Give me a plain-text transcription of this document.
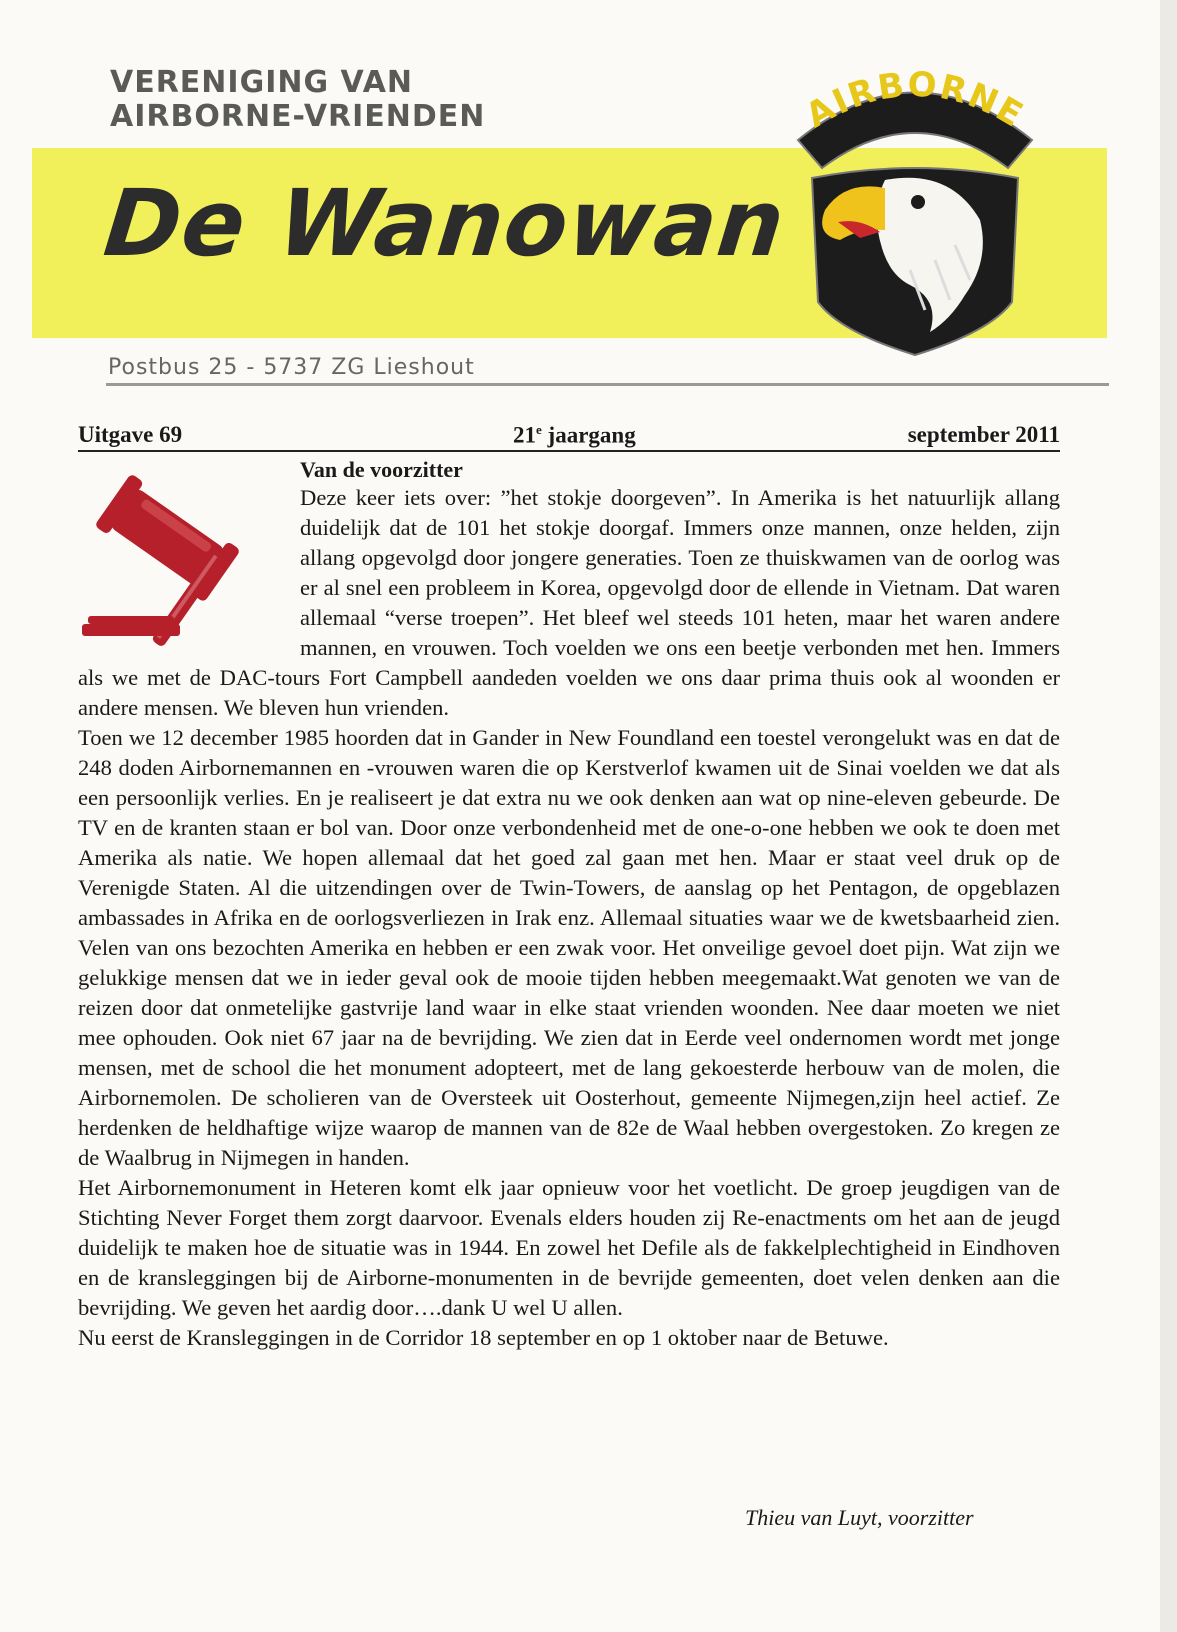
VERENIGING VAN
AIRBORNE-VRIENDEN
De Wanowan
AIRBORNE
Postbus 25 - 5737 ZG Lieshout
Uitgave 69	21e jaargang	september 2011
Van de voorzitter

Deze keer iets over: ”het stokje doorgeven”. In Amerika is het natuurlijk allang duidelijk dat de 101 het stokje doorgaf. Immers onze mannen, onze helden, zijn allang opgevolgd door jongere generaties. Toen ze thuiskwamen van de oorlog was er al snel een probleem in Korea, opgevolgd door de ellende in Vietnam. Dat waren allemaal “verse troepen”. Het bleef wel steeds 101 heten, maar het waren andere mannen, en vrouwen. Toch voelden we ons een beetje verbonden met hen. Immers als we met de DAC-tours Fort Campbell aandeden voelden we ons daar prima thuis ook al woonden er andere mensen. We bleven hun vrienden.

Toen we 12 december 1985 hoorden dat in Gander in New Foundland een toestel verongelukt was en dat de 248 doden Airbornemannen en -vrouwen waren die op Kerstverlof kwamen uit de Sinai voelden we dat als een persoonlijk verlies. En je realiseert je dat extra nu we ook denken aan wat op nine-eleven gebeurde. De TV en de kranten staan er bol van. Door onze verbondenheid met de one-o-one hebben we ook te doen met Amerika als natie. We hopen allemaal dat het goed zal gaan met hen. Maar er staat veel druk op de Verenigde Staten. Al die uitzendingen over de Twin-Towers, de aanslag op het Pentagon, de opgeblazen ambassades in Afrika en de oorlogsverliezen in Irak enz. Allemaal situaties waar we de kwetsbaarheid zien. Velen van ons bezochten Amerika en hebben er een zwak voor. Het onveilige gevoel doet pijn. Wat zijn we gelukkige mensen dat we in ieder geval ook de mooie tijden hebben meegemaakt.Wat genoten we van de reizen door dat onmetelijke gastvrije land waar in elke staat vrienden woonden. Nee daar moeten we niet mee ophouden. Ook niet 67 jaar na de bevrijding. We zien dat in Eerde veel ondernomen wordt met jonge mensen, met de school die het monument adopteert, met de lang gekoesterde herbouw van de molen, die Airbornemolen. De scholieren van de Oversteek uit Oosterhout, gemeente Nijmegen,zijn heel actief. Ze herdenken de heldhaftige wijze waarop de mannen van de 82e de Waal hebben overgestoken. Zo kregen ze de Waalbrug in Nijmegen in handen.

Het Airbornemonument in Heteren komt elk jaar opnieuw voor het voetlicht. De groep jeugdigen van de Stichting Never Forget them zorgt daarvoor. Evenals elders houden zij Re-enactments om het aan de jeugd duidelijk te maken hoe de situatie was in 1944. En zowel het Defile als de fakkelplechtigheid in Eindhoven en de kransleggingen bij de Airborne-monumenten in de bevrijde gemeenten, doet velen denken aan die bevrijding. We geven het aardig door….dank U wel U allen.

Nu eerst de Kransleggingen in de Corridor 18 september en op 1 oktober naar de Betuwe.

Thieu van Luyt, voorzitter
